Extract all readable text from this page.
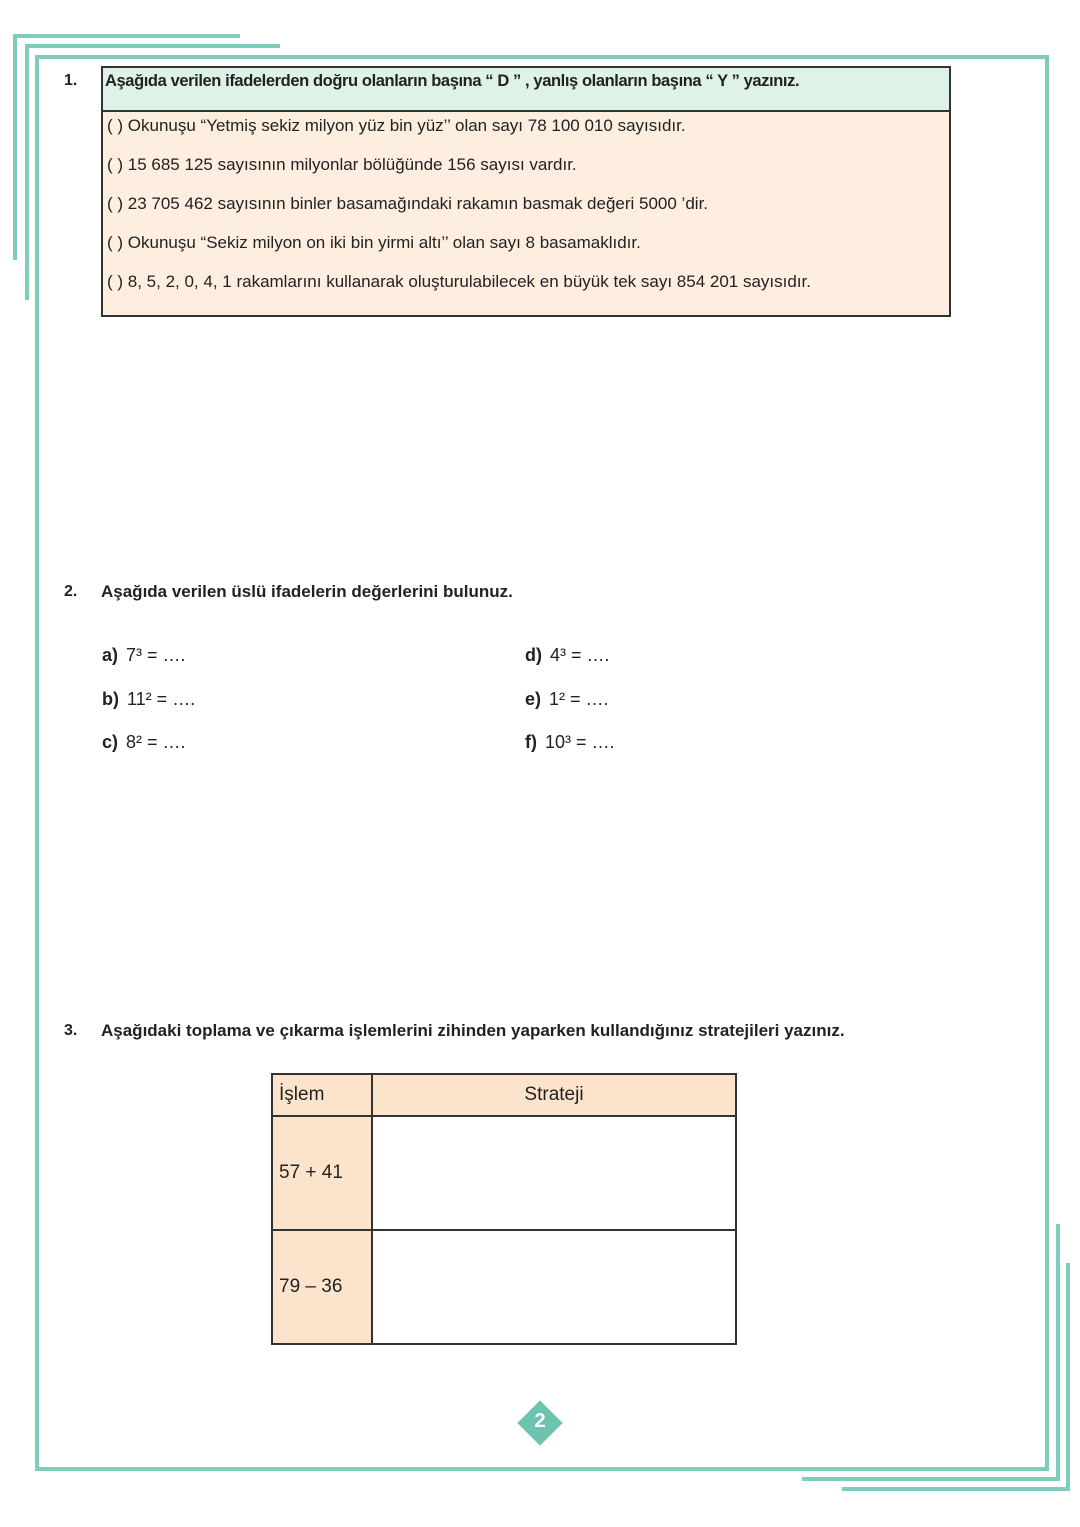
1. Aşağıda verilen ifadelerden doğru olanların başına “ D ” , yanlış olanların başına “ Y ” yazınız.
( ) Okunuşu “Yetmiş sekiz milyon yüz bin yüz’’ olan sayı 78 100 010 sayısıdır.
( ) 15 685 125 sayısının milyonlar bölüğünde 156 sayısı vardır.
( ) 23 705 462 sayısının binler basamağındaki rakamın basmak değeri 5000 ’dir.
( ) Okunuşu “Sekiz milyon on iki bin yirmi altı’’ olan sayı 8 basamaklıdır.
( ) 8, 5, 2, 0, 4, 1 rakamlarını kullanarak oluşturulabilecek en büyük tek sayı 854 201 sayısıdır.
2. Aşağıda verilen üslü ifadelerin değerlerini bulunuz.
a) 7³ = ….
b) 11² = ….
c) 8² = ….
d) 4³ = ….
e) 1² = ….
f) 10³ = ….
3. Aşağıdaki toplama ve çıkarma işlemlerini zihinden yaparken kullandığınız stratejileri yazınız.
İşlem	Strateji
57 + 41	
79 – 36	
2
